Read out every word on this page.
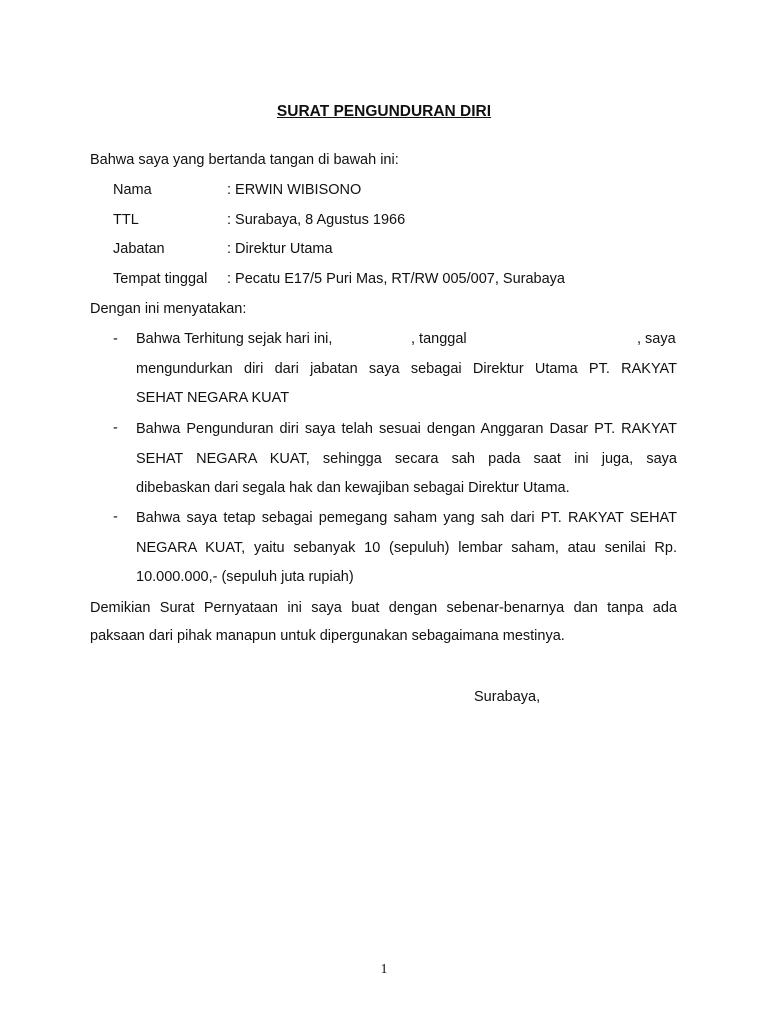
SURAT PENGUNDURAN DIRI
Bahwa saya yang bertanda tangan di bawah ini:
Nama	: ERWIN WIBISONO
TTL	: Surabaya, 8 Agustus 1966
Jabatan	: Direktur Utama
Tempat tinggal : Pecatu E17/5 Puri Mas, RT/RW 005/007, Surabaya
Dengan ini menyatakan:
- Bahwa Terhitung sejak hari ini,	, tanggal	, saya
mengundurkan diri dari jabatan saya sebagai Direktur Utama PT. RAKYAT
SEHAT NEGARA KUAT
- Bahwa Pengunduran diri saya telah sesuai dengan Anggaran Dasar PT. RAKYAT
SEHAT NEGARA KUAT, sehingga secara sah pada saat ini juga, saya
dibebaskan dari segala hak dan kewajiban sebagai Direktur Utama.
- Bahwa saya tetap sebagai pemegang saham yang sah dari PT. RAKYAT SEHAT
NEGARA KUAT, yaitu sebanyak 10 (sepuluh) lembar saham, atau senilai Rp.
10.000.000,- (sepuluh juta rupiah)
Demikian Surat Pernyataan ini saya buat dengan sebenar-benarnya dan tanpa ada
paksaan dari pihak manapun untuk dipergunakan sebagaimana mestinya.
Surabaya,
1
